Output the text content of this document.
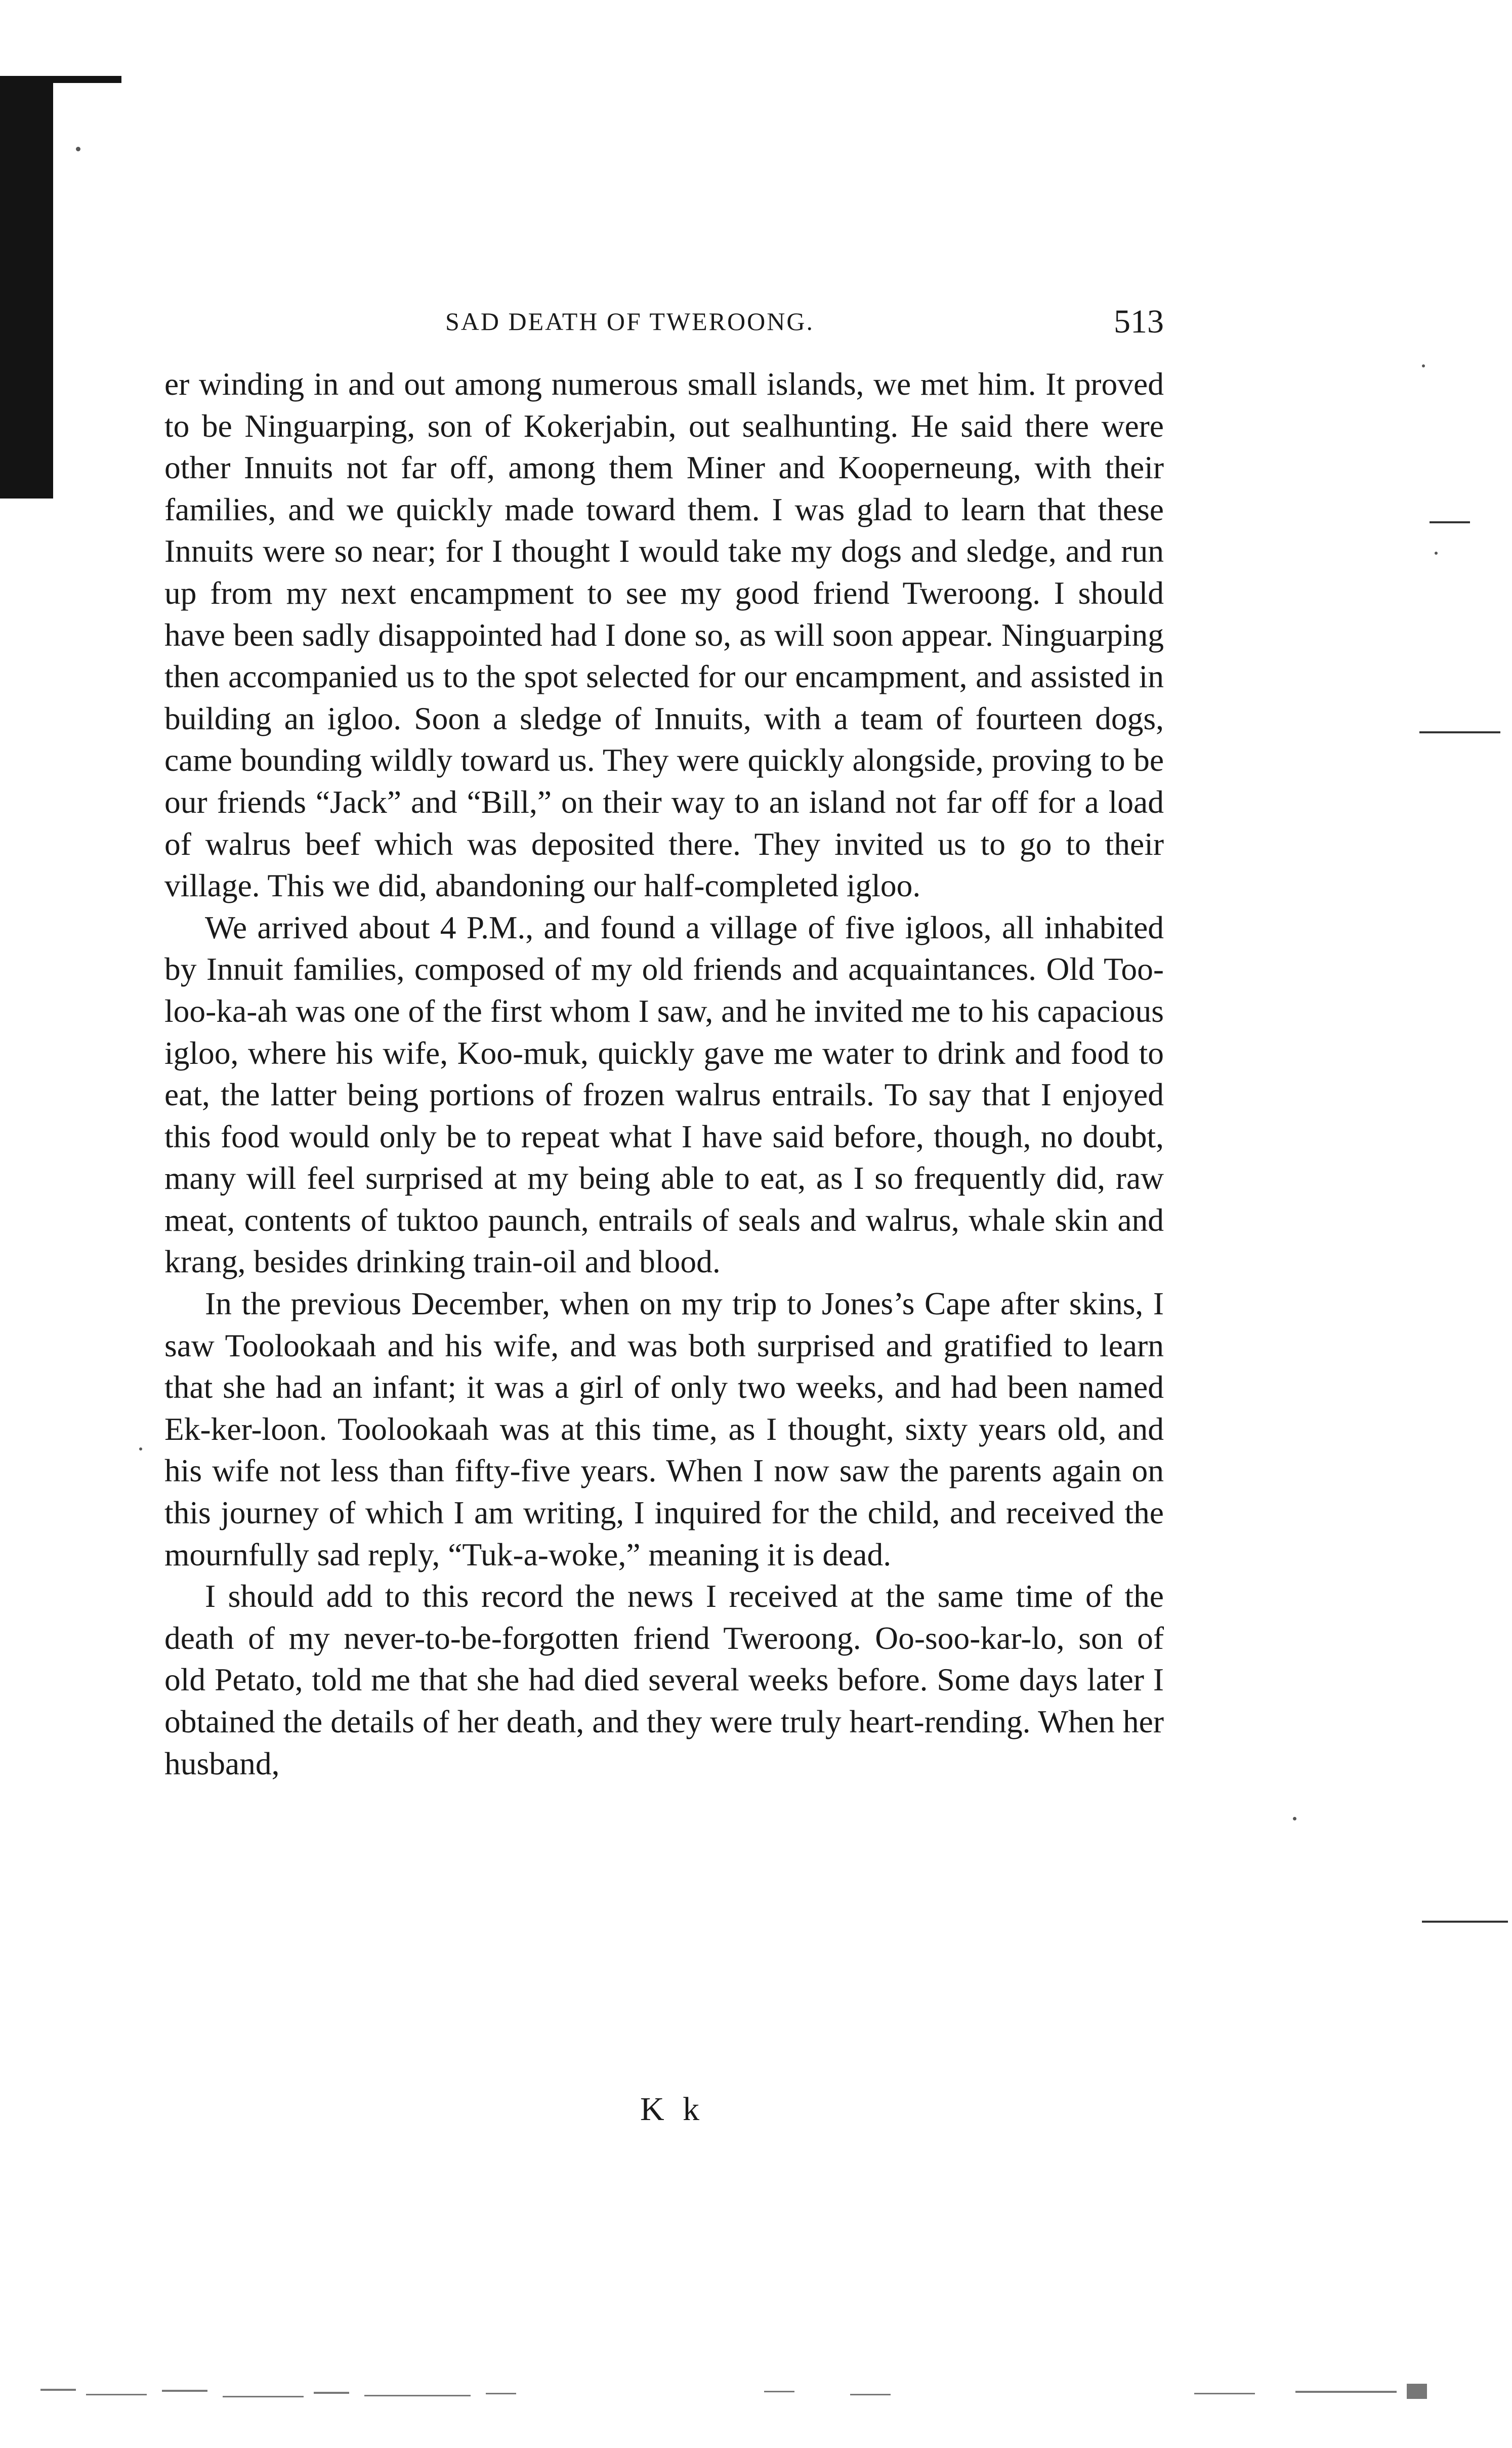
SAD DEATH OF TWEROONG.	513

er winding in and out among numerous small islands, we met him. It proved to be Ninguarping, son of Kokerjabin, out sealhunting. He said there were other Innuits not far off, among them Miner and Kooperneung, with their families, and we quickly made toward them. I was glad to learn that these Innuits were so near; for I thought I would take my dogs and sledge, and run up from my next encampment to see my good friend Tweroong. I should have been sadly disappointed had I done so, as will soon appear. Ninguarping then accompanied us to the spot selected for our encampment, and assisted in building an igloo. Soon a sledge of Innuits, with a team of fourteen dogs, came bounding wildly toward us. They were quickly alongside, proving to be our friends “Jack” and “Bill,” on their way to an island not far off for a load of walrus beef which was deposited there. They invited us to go to their village. This we did, abandoning our half-completed igloo.

We arrived about 4 P.M., and found a village of five igloos, all inhabited by Innuit families, composed of my old friends and acquaintances. Old Too-loo-ka-ah was one of the first whom I saw, and he invited me to his capacious igloo, where his wife, Koo-muk, quickly gave me water to drink and food to eat, the latter being portions of frozen walrus entrails. To say that I enjoyed this food would only be to repeat what I have said before, though, no doubt, many will feel surprised at my being able to eat, as I so frequently did, raw meat, contents of tuktoo paunch, entrails of seals and walrus, whale skin and krang, besides drinking train-oil and blood.

In the previous December, when on my trip to Jones’s Cape after skins, I saw Toolookaah and his wife, and was both surprised and gratified to learn that she had an infant; it was a girl of only two weeks, and had been named Ek-ker-loon. Toolookaah was at this time, as I thought, sixty years old, and his wife not less than fifty-five years. When I now saw the parents again on this journey of which I am writing, I inquired for the child, and received the mournfully sad reply, “Tuk-a-woke,” meaning it is dead.

I should add to this record the news I received at the same time of the death of my never-to-be-forgotten friend Tweroong. Oo-soo-kar-lo, son of old Petato, told me that she had died several weeks before. Some days later I obtained the details of her death, and they were truly heart-rending. When her husband,

K k
